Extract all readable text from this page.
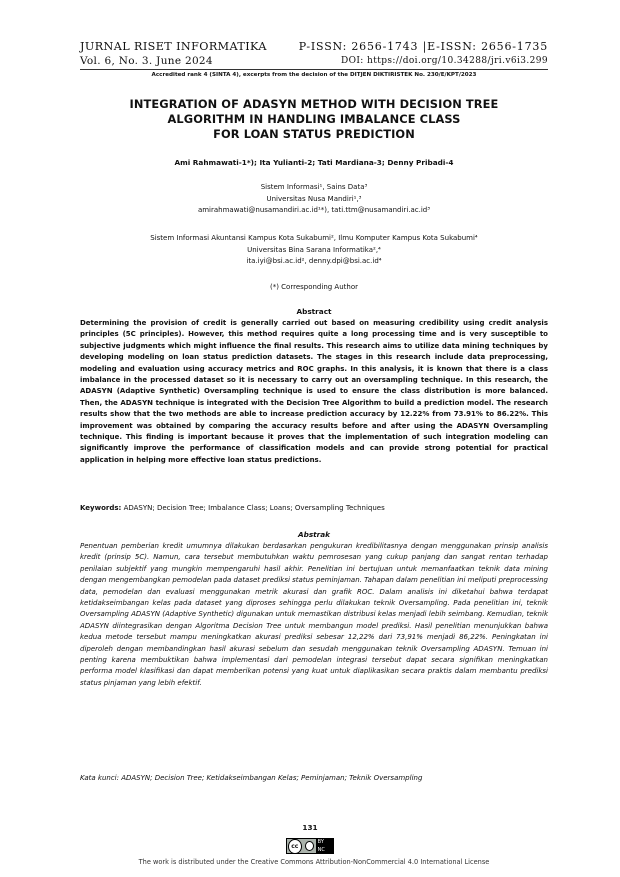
JURNAL RISET INFORMATIKA
Vol. 6, No. 3. June 2024
P-ISSN: 2656-1743 |E-ISSN: 2656-1735
DOI: https://doi.org/10.34288/jri.v6i3.299
Accredited rank 4 (SINTA 4), excerpts from the decision of the DITJEN DIKTIRISTEK No. 230/E/KPT/2023
INTEGRATION OF ADASYN METHOD WITH DECISION TREE
ALGORITHM IN HANDLING IMBALANCE CLASS
FOR LOAN STATUS PREDICTION
Ami Rahmawati-1*); Ita Yulianti-2; Tati Mardiana-3; Denny Pribadi-4
Sistem Informasi¹, Sains Data³
Universitas Nusa Mandiri¹,³
amirahmawati@nusamandiri.ac.id¹*), tati.ttm@nusamandiri.ac.id³
Sistem Informasi Akuntansi Kampus Kota Sukabumi², Ilmu Komputer Kampus Kota Sukabumi⁴
Universitas Bina Sarana Informatika²,⁴
ita.iyi@bsi.ac.id², denny.dpi@bsi.ac.id⁴
(*) Corresponding Author
Abstract
Determining the provision of credit is generally carried out based on measuring credibility using credit analysis principles (5C principles). However, this method requires quite a long processing time and is very susceptible to subjective judgments which might influence the final results. This research aims to utilize data mining techniques by developing modeling on loan status prediction datasets. The stages in this research include data preprocessing, modeling and evaluation using accuracy metrics and ROC graphs. In this analysis, it is known that there is a class imbalance in the processed dataset so it is necessary to carry out an oversampling technique. In this research, the ADASYN (Adaptive Synthetic) Oversampling technique is used to ensure the class distribution is more balanced. Then, the ADASYN technique is integrated with the Decision Tree Algorithm to build a prediction model. The research results show that the two methods are able to increase prediction accuracy by 12.22% from 73.91% to 86.22%. This improvement was obtained by comparing the accuracy results before and after using the ADASYN Oversampling technique. This finding is important because it proves that the implementation of such integration modeling can significantly improve the performance of classification models and can provide strong potential for practical application in helping more effective loan status predictions.
Keywords: ADASYN; Decision Tree; Imbalance Class; Loans; Oversampling Techniques
Abstrak
Penentuan pemberian kredit umumnya dilakukan berdasarkan pengukuran kredibilitasnya dengan menggunakan prinsip analisis kredit (prinsip 5C). Namun, cara tersebut membutuhkan waktu pemrosesan yang cukup panjang dan sangat rentan terhadap penilaian subjektif yang mungkin mempengaruhi hasil akhir. Penelitian ini bertujuan untuk memanfaatkan teknik data mining dengan mengembangkan pemodelan pada dataset prediksi status peminjaman. Tahapan dalam penelitian ini meliputi preprocessing data, pemodelan dan evaluasi menggunakan metrik akurasi dan grafik ROC. Dalam analisis ini diketahui bahwa terdapat ketidakseimbangan kelas pada dataset yang diproses sehingga perlu dilakukan teknik Oversampling. Pada penelitian ini, teknik Oversampling ADASYN (Adaptive Synthetic) digunakan untuk memastikan distribusi kelas menjadi lebih seimbang. Kemudian, teknik ADASYN diintegrasikan dengan Algoritma Decision Tree untuk membangun model prediksi. Hasil penelitian menunjukkan bahwa kedua metode tersebut mampu meningkatkan akurasi prediksi sebesar 12,22% dari 73,91% menjadi 86,22%. Peningkatan ini diperoleh dengan membandingkan hasil akurasi sebelum dan sesudah menggunakan teknik Oversampling ADASYN. Temuan ini penting karena membuktikan bahwa implementasi dari pemodelan integrasi tersebut dapat secara signifikan meningkatkan performa model klasifikasi dan dapat memberikan potensi yang kuat untuk diaplikasikan secara praktis dalam membantu prediksi status pinjaman yang lebih efektif.
Kata kunci: ADASYN; Decision Tree; Ketidakseimbangan Kelas; Peminjaman; Teknik Oversampling
131
cc
BY NC
The work is distributed under the Creative Commons Attribution-NonCommercial 4.0 International License
